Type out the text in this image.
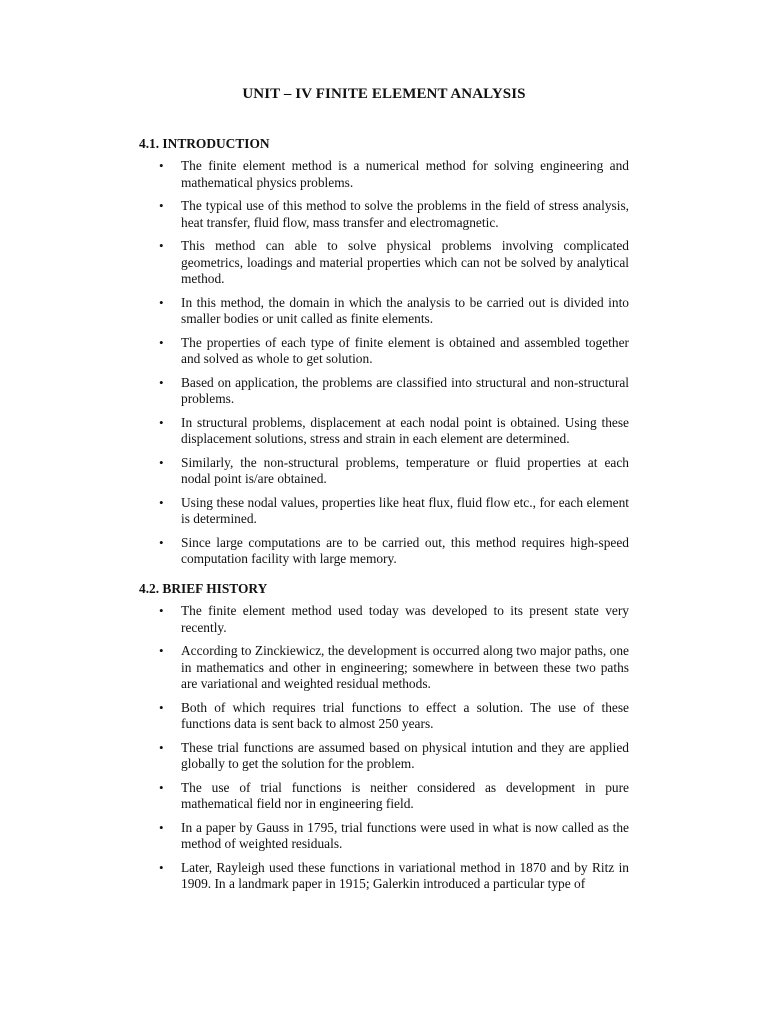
UNIT – IV FINITE ELEMENT ANALYSIS
4.1. INTRODUCTION
• The finite element method is a numerical method for solving engineering and mathematical physics problems.
• The typical use of this method to solve the problems in the field of stress analysis, heat transfer, fluid flow, mass transfer and electromagnetic.
• This method can able to solve physical problems involving complicated geometrics, loadings and material properties which can not be solved by analytical method.
• In this method, the domain in which the analysis to be carried out is divided into smaller bodies or unit called as finite elements.
• The properties of each type of finite element is obtained and assembled together and solved as whole to get solution.
• Based on application, the problems are classified into structural and non-structural problems.
• In structural problems, displacement at each nodal point is obtained. Using these displacement solutions, stress and strain in each element are determined.
• Similarly, the non-structural problems, temperature or fluid properties at each nodal point is/are obtained.
• Using these nodal values, properties like heat flux, fluid flow etc., for each element is determined.
• Since large computations are to be carried out, this method requires high-speed computation facility with large memory.
4.2. BRIEF HISTORY
• The finite element method used today was developed to its present state very recently.
• According to Zinckiewicz, the development is occurred along two major paths, one in mathematics and other in engineering; somewhere in between these two paths are variational and weighted residual methods.
• Both of which requires trial functions to effect a solution. The use of these functions data is sent back to almost 250 years.
• These trial functions are assumed based on physical intution and they are applied globally to get the solution for the problem.
• The use of trial functions is neither considered as development in pure mathematical field nor in engineering field.
• In a paper by Gauss in 1795, trial functions were used in what is now called as the method of weighted residuals.
• Later, Rayleigh used these functions in variational method in 1870 and by Ritz in 1909. In a landmark paper in 1915; Galerkin introduced a particular type of
